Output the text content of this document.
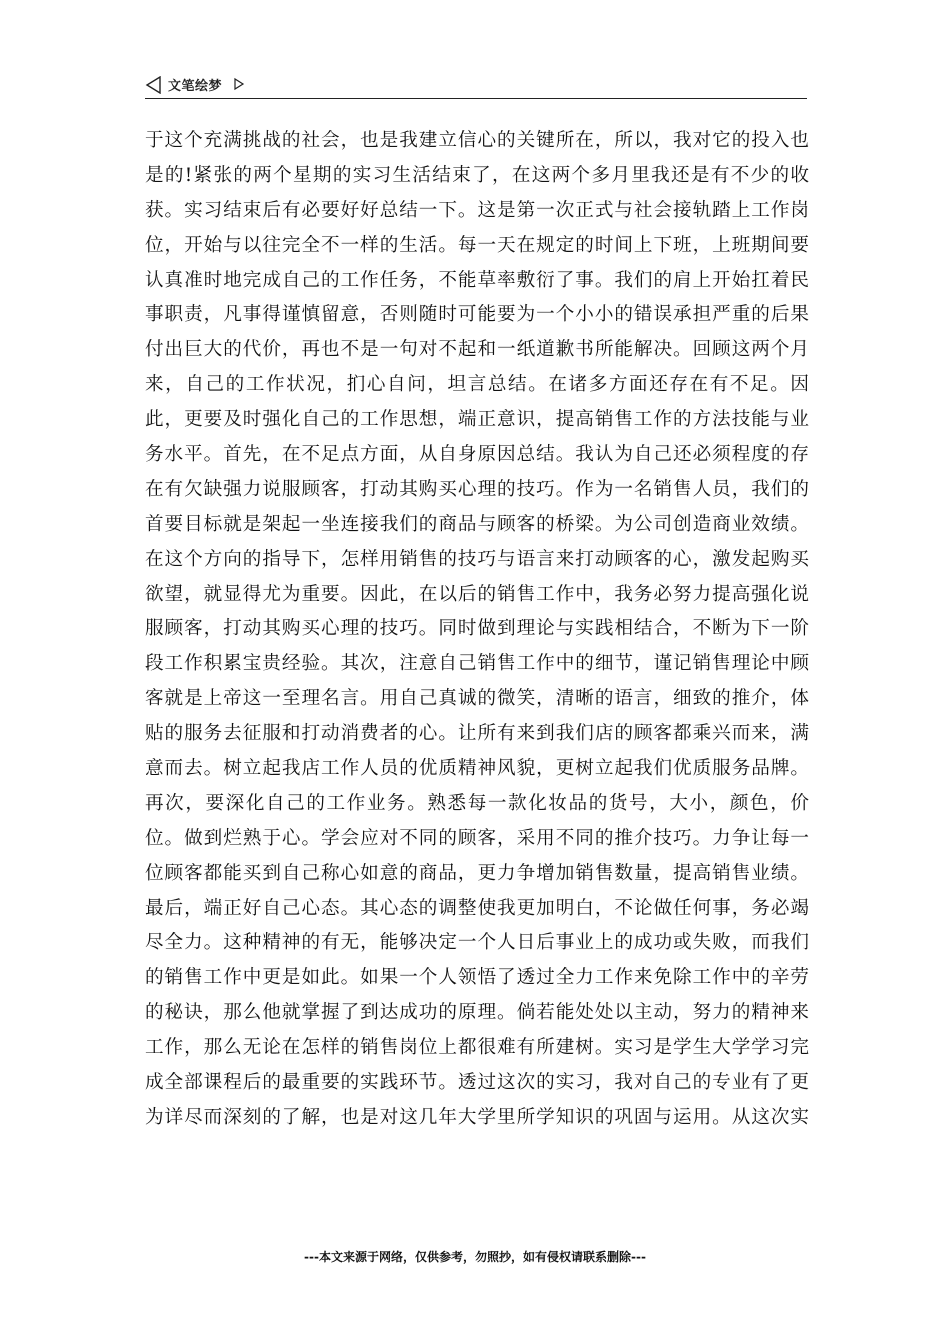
文笔绘梦
于这个充满挑战的社会，也是我建立信心的关键所在，所以，我对它的投入也
是的!紧张的两个星期的实习生活结束了，在这两个多月里我还是有不少的收
获。实习结束后有必要好好总结一下。这是第一次正式与社会接轨踏上工作岗
位，开始与以往完全不一样的生活。每一天在规定的时间上下班，上班期间要
认真准时地完成自己的工作任务，不能草率敷衍了事。我们的肩上开始扛着民
事职责，凡事得谨慎留意，否则随时可能要为一个小小的错误承担严重的后果
付出巨大的代价，再也不是一句对不起和一纸道歉书所能解决。回顾这两个月
来，自己的工作状况，扪心自问，坦言总结。在诸多方面还存在有不足。因
此，更要及时强化自己的工作思想，端正意识，提高销售工作的方法技能与业
务水平。首先，在不足点方面，从自身原因总结。我认为自己还必须程度的存
在有欠缺强力说服顾客，打动其购买心理的技巧。作为一名销售人员，我们的
首要目标就是架起一坐连接我们的商品与顾客的桥梁。为公司创造商业效绩。
在这个方向的指导下，怎样用销售的技巧与语言来打动顾客的心，激发起购买
欲望，就显得尤为重要。因此，在以后的销售工作中，我务必努力提高强化说
服顾客，打动其购买心理的技巧。同时做到理论与实践相结合，不断为下一阶
段工作积累宝贵经验。其次，注意自己销售工作中的细节，谨记销售理论中顾
客就是上帝这一至理名言。用自己真诚的微笑，清晰的语言，细致的推介，体
贴的服务去征服和打动消费者的心。让所有来到我们店的顾客都乘兴而来，满
意而去。树立起我店工作人员的优质精神风貌，更树立起我们优质服务品牌。
再次，要深化自己的工作业务。熟悉每一款化妆品的货号，大小，颜色，价
位。做到烂熟于心。学会应对不同的顾客，采用不同的推介技巧。力争让每一
位顾客都能买到自己称心如意的商品，更力争增加销售数量，提高销售业绩。
最后，端正好自己心态。其心态的调整使我更加明白，不论做任何事，务必竭
尽全力。这种精神的有无，能够决定一个人日后事业上的成功或失败，而我们
的销售工作中更是如此。如果一个人领悟了透过全力工作来免除工作中的辛劳
的秘诀，那么他就掌握了到达成功的原理。倘若能处处以主动，努力的精神来
工作，那么无论在怎样的销售岗位上都很难有所建树。实习是学生大学学习完
成全部课程后的最重要的实践环节。透过这次的实习，我对自己的专业有了更
为详尽而深刻的了解，也是对这几年大学里所学知识的巩固与运用。从这次实
---本文来源于网络，仅供参考，勿照抄，如有侵权请联系删除---
